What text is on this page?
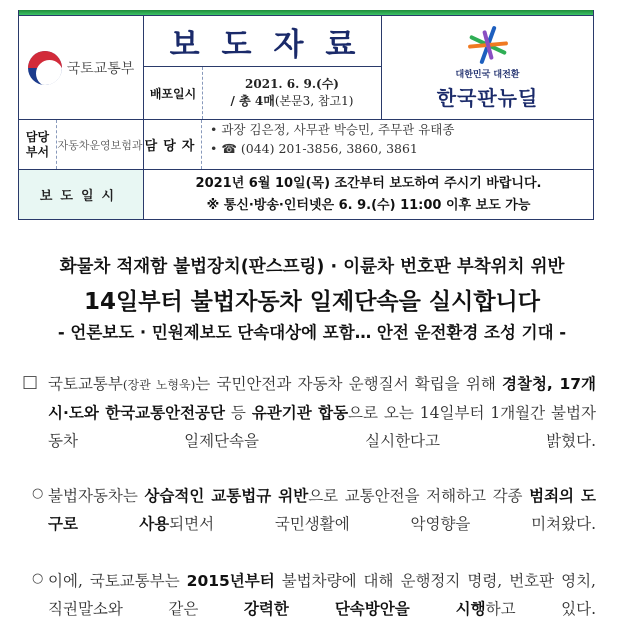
국토교통부
보도자료
배포일시
2021. 6. 9.(수)
/ 총 4매(본문3, 참고1)
대한민국 대전환
한국판뉴딜
담당
부서 자동차운영보험과 담당자
• 과장 김은정, 사무관 박승민, 주무관 유태종
• ☎ (044) 201-3856, 3860, 3861
보도일시
2021년 6월 10일(목) 조간부터 보도하여 주시기 바랍니다.
※ 통신·방송·인터넷은 6. 9.(수) 11:00 이후 보도 가능
화물차 적재함 불법장치(판스프링) · 이륜차 번호판 부착위치 위반
14일부터 불법자동차 일제단속을 실시합니다
- 언론보도 · 민원제보도 단속대상에 포함… 안전 운전환경 조성 기대 -
□ 국토교통부(장관 노형욱)는 국민안전과 자동차 운행질서 확립을 위해 경찰청, 17개 시·도와 한국교통안전공단 등 유관기관 합동으로 오는 14일부터 1개월간 불법자동차 일제단속을 실시한다고 밝혔다.
○ 불법자동차는 상습적인 교통법규 위반으로 교통안전을 저해하고 각종 범죄의 도구로 사용되면서 국민생활에 악영향을 미쳐왔다.
○ 이에, 국토교통부는 2015년부터 불법차량에 대해 운행정지 명령, 번호판 영치, 직권말소와 같은 강력한 단속방안을 시행하고 있다.
